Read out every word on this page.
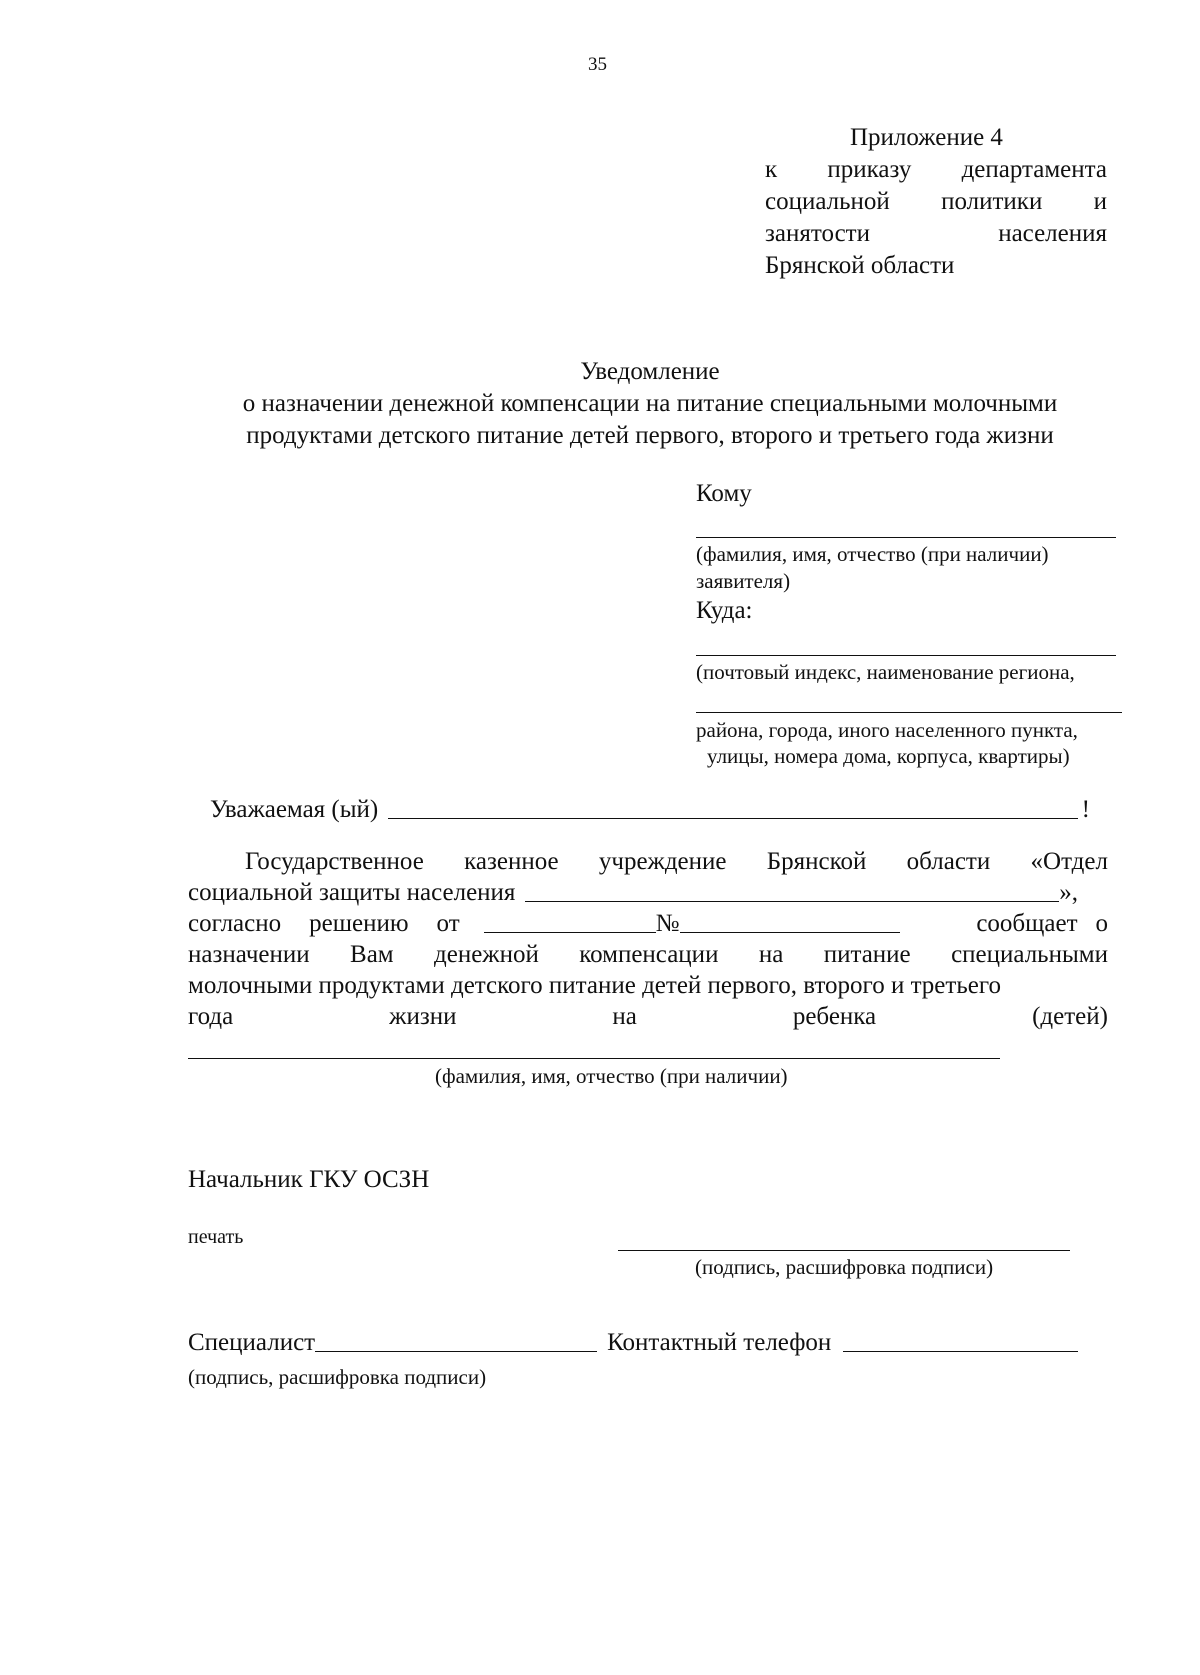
35
Приложение 4
к приказу департамента
социальной политики и
занятости	населения
Брянской области
Уведомление
о назначении денежной компенсации на питание специальными молочными
продуктами детского питание детей первого, второго и третьего года жизни
Кому
(фамилия, имя, отчество (при наличии)
заявителя)
Куда:
(почтовый индекс, наименование региона,
района, города, иного населенного пункта,
улицы, номера дома, корпуса, квартиры)
Уважаемая (ый)	!
Государственное казенное учреждение Брянской области «Отдел
социальной защиты населения	»,
согласно решению от	№	сообщает о
назначении Вам денежной компенсации на питание специальными
молочными продуктами детского питание детей первого, второго и третьего
года	жизни	на	ребенка	(детей)
(фамилия, имя, отчество (при наличии)
Начальник ГКУ ОСЗН
печать
(подпись, расшифровка подписи)
Специалист	Контактный телефон
(подпись, расшифровка подписи)
